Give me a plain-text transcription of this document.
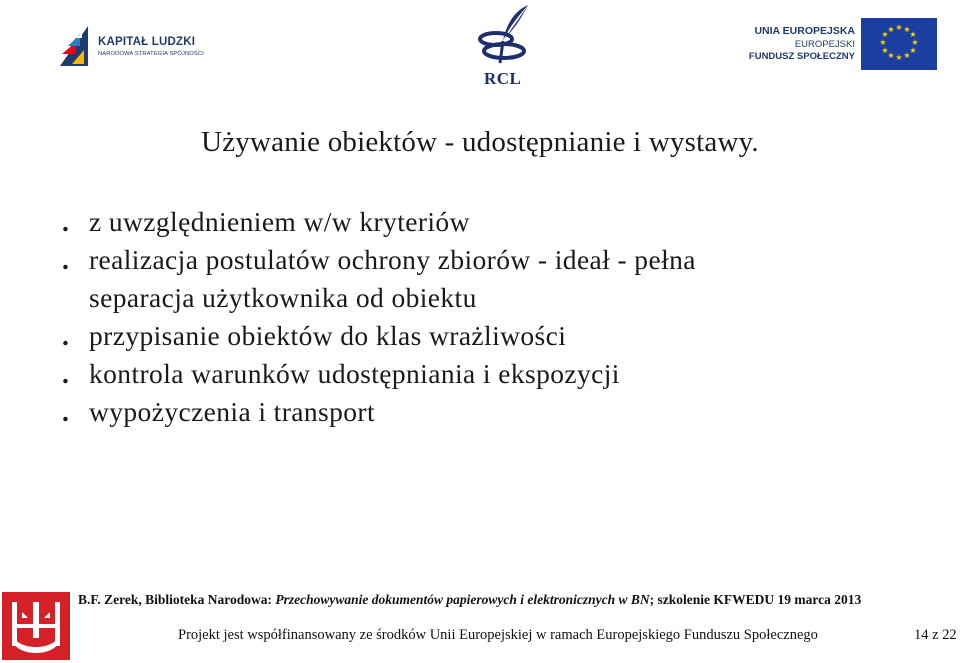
KAPITAŁ LUDZKI
NARODOWA STRATEGIA SPÓJNOŚCI
RCL
UNIA EUROPEJSKA
EUROPEJSKI
FUNDUSZ SPOŁECZNY
★ ★
★
★
★
★
★
★
★
★
★
★
Używanie obiektów - udostępnianie i wystawy.
. z uwzględnieniem w/w kryteriów
. realizacja postulatów ochrony zbiorów - ideał - pełna
separacja użytkownika od obiektu
. przypisanie obiektów do klas wrażliwości
. kontrola warunków udostępniania i ekspozycji
. wypożyczenia i transport
B.F. Zerek, Biblioteka Narodowa: Przechowywanie dokumentów papierowych i elektronicznych w BN; szkolenie KFWEDU 19 marca 2013
Projekt jest współfinansowany ze środków Unii Europejskiej w ramach Europejskiego Funduszu Społecznego	14 z 22
